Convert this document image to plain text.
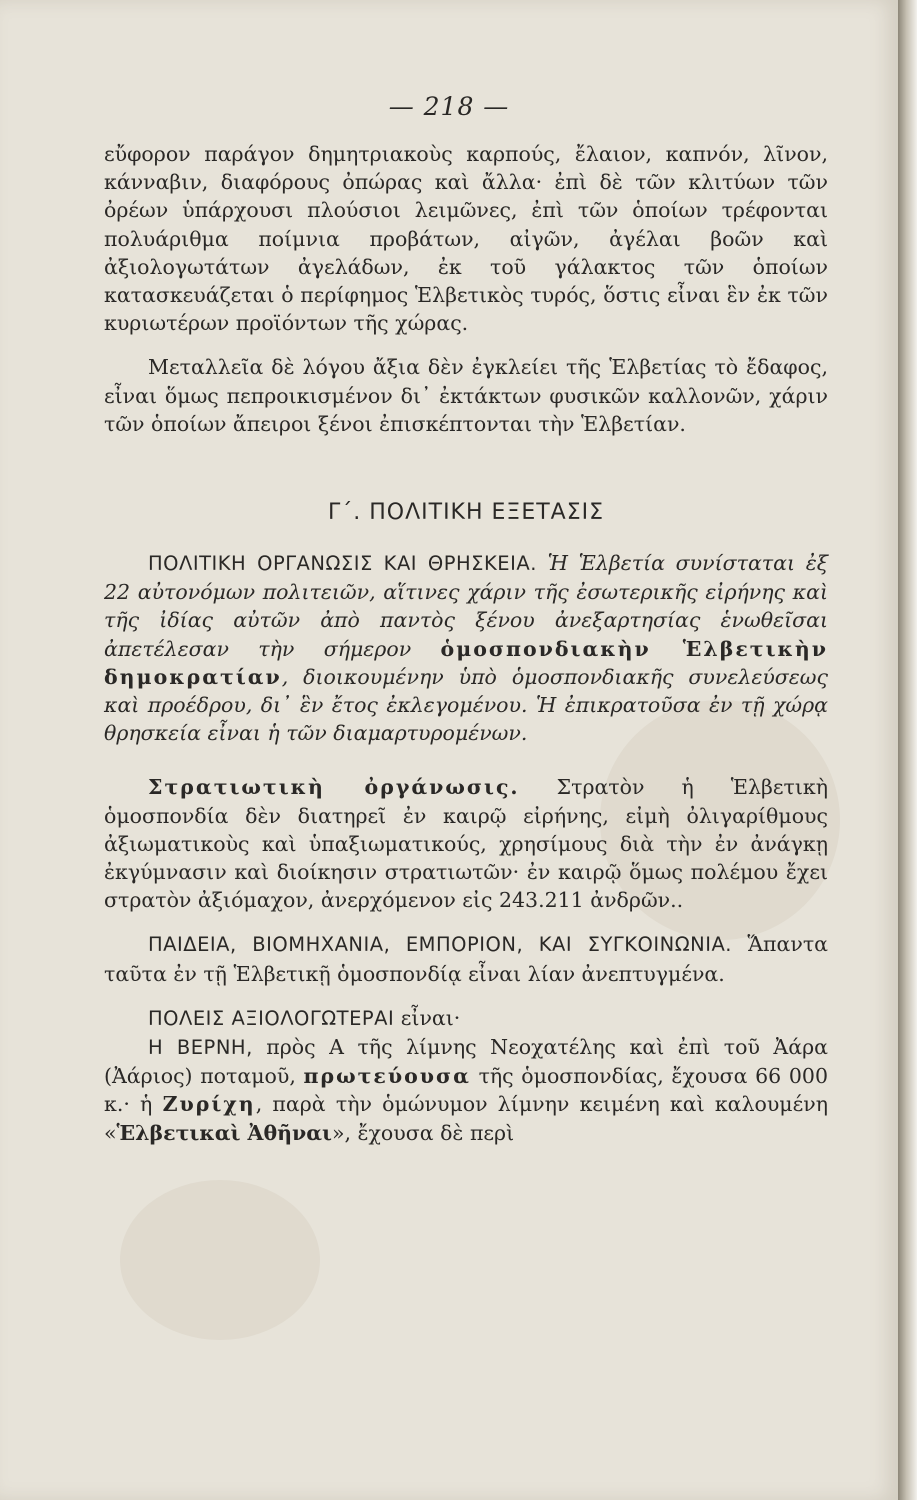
— 218 —

εὔφορον παράγον δημητριακοὺς καρπούς, ἔλαιον, καπνόν, λῖνον, κάνναβιν, διαφόρους ὀπώρας καὶ ἄλλα· ἐπὶ δὲ τῶν κλιτύων τῶν ὀρέων ὑπάρχουσι πλούσιοι λειμῶνες, ἐπὶ τῶν ὁποίων τρέφονται πολυάριθμα ποίμνια προβάτων, αἰγῶν, ἀγέλαι βοῶν καὶ ἀξιολογωτάτων ἀγελάδων, ἐκ τοῦ γάλακτος τῶν ὁποίων κατασκευάζεται ὁ περίφημος Ἑλβετικὸς τυρός, ὅστις εἶναι ἓν ἐκ τῶν κυριωτέρων προϊόντων τῆς χώρας.

Μεταλλεῖα δὲ λόγου ἄξια δὲν ἐγκλείει τῆς Ἑλβετίας τὸ ἔδαφος, εἶναι ὅμως πεπροικισμένον δι᾽ ἐκτάκτων φυσικῶν καλλονῶν, χάριν τῶν ὁποίων ἄπειροι ξένοι ἐπισκέπτονται τὴν Ἑλβετίαν.

Γ΄. ΠΟΛΙΤΙΚΗ ΕΞΕΤΑΣΙΣ

ΠΟΛΙΤΙΚΗ ΟΡΓΑΝΩΣΙΣ ΚΑΙ ΘΡΗΣΚΕΙΑ. Ἡ Ἑλβετία συνίσταται ἐξ 22 αὐτονόμων πολιτειῶν, αἵτινες χάριν τῆς ἐσωτερικῆς εἰρήνης καὶ τῆς ἰδίας αὐτῶν ἀπὸ παντὸς ξένου ἀνεξαρτησίας ἑνωθεῖσαι ἀπετέλεσαν τὴν σήμερον ὁμοσπονδιακὴν Ἑλβετικὴν δημοκρατίαν, διοικουμένην ὑπὸ ὁμοσπονδιακῆς συνελεύσεως καὶ προέδρου, δι᾽ ἓν ἔτος ἐκλεγομένου. Ἡ ἐπικρατοῦσα ἐν τῇ χώρᾳ θρησκεία εἶναι ἡ τῶν διαμαρτυρομένων.

Στρατιωτικὴ ὀργάνωσις. Στρατὸν ἡ Ἑλβετικὴ ὁμοσπονδία δὲν διατηρεῖ ἐν καιρῷ εἰρήνης, εἰμὴ ὀλιγαρίθμους ἀξιωματικοὺς καὶ ὑπαξιωματικούς, χρησίμους διὰ τὴν ἐν ἀνάγκῃ ἐκγύμνασιν καὶ διοίκησιν στρατιωτῶν· ἐν καιρῷ ὅμως πολέμου ἔχει στρατὸν ἀξιόμαχον, ἀνερχόμενον εἰς 243.211 ἀνδρῶν..

ΠΑΙΔΕΙΑ, ΒΙΟΜΗΧΑΝΙΑ, ΕΜΠΟΡΙΟΝ, ΚΑΙ ΣΥΓΚΟΙΝΩΝΙΑ. Ἅπαντα ταῦτα ἐν τῇ Ἑλβετικῇ ὁμοσπονδίᾳ εἶναι λίαν ἀνεπτυγμένα.

ΠΟΛΕΙΣ ΑΞΙΟΛΟΓΩΤΕΡΑΙ εἶναι·

Η ΒΕΡΝΗ, πρὸς Α τῆς λίμνης Νεοχατέλης καὶ ἐπὶ τοῦ Ἀάρα (Ἀάριος) ποταμοῦ, πρωτεύουσα τῆς ὁμοσπονδίας, ἔχουσα 66 000 κ.· ἡ Ζυρίχη, παρὰ τὴν ὁμώνυμον λίμνην κειμένη καὶ καλουμένη «Ἑλβετικαὶ Ἀθῆναι», ἔχουσα δὲ περὶ
